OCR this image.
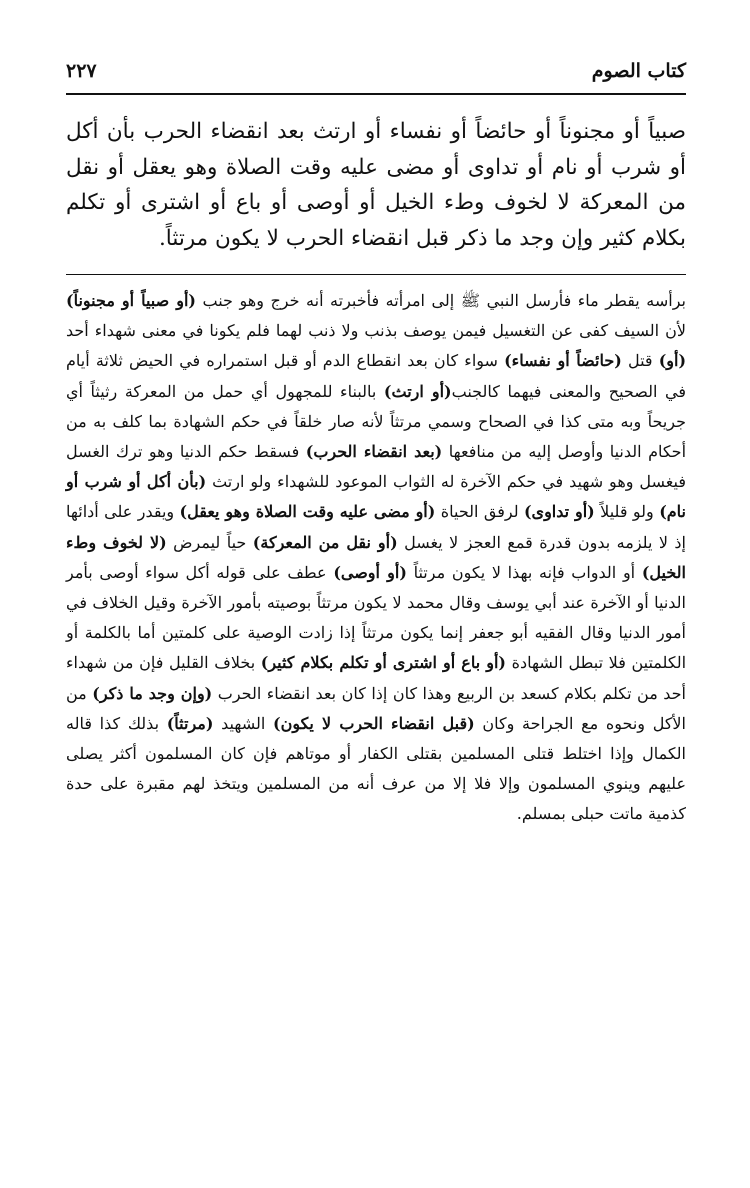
كتاب الصوم
٢٢٧

صبياً أو مجنوناً أو حائضاً أو نفساء أو ارتث بعد انقضاء الحرب بأن أكل أو شرب أو نام أو تداوى أو مضى عليه وقت الصلاة وهو يعقل أو نقل من المعركة لا لخوف وطء الخيل أو أوصى أو باع أو اشترى أو تكلم بكلام كثير وإن وجد ما ذكر قبل انقضاء الحرب لا يكون مرتثاً.

برأسه يقطر ماء فأرسل النبي ﷺ إلى امرأته فأخبرته أنه خرج وهو جنب (أو صبياً أو مجنوناً) لأن السيف كفى عن التغسيل فيمن يوصف بذنب ولا ذنب لهما فلم يكونا في معنى شهداء أحد (أو) قتل (حائضاً أو نفساء) سواء كان بعد انقطاع الدم أو قبل استمراره في الحيض ثلاثة أيام في الصحيح والمعنى فيهما كالجنب(أو ارتث) بالبناء للمجهول أي حمل من المعركة رثيثاً أي جريحاً وبه متى كذا في الصحاح وسمي مرتثاً لأنه صار خلقاً في حكم الشهادة بما كلف به من أحكام الدنيا وأوصل إليه من منافعها (بعد انقضاء الحرب) فسقط حكم الدنيا وهو ترك الغسل فيغسل وهو شهيد في حكم الآخرة له الثواب الموعود للشهداء ولو ارتث (بأن أكل أو شرب أو نام) ولو قليلاً (أو تداوى) لرفق الحياة (أو مضى عليه وقت الصلاة وهو يعقل) ويقدر على أدائها إذ لا يلزمه بدون قدرة قمع العجز لا يغسل (أو نقل من المعركة) حياً ليمرض (لا لخوف وطء الخيل) أو الدواب فإنه بهذا لا يكون مرتثاً (أو أوصى) عطف على قوله أكل سواء أوصى بأمر الدنيا أو الآخرة عند أبي يوسف وقال محمد لا يكون مرتثاً بوصيته بأمور الآخرة وقيل الخلاف في أمور الدنيا وقال الفقيه أبو جعفر إنما يكون مرتثاً إذا زادت الوصية على كلمتين أما بالكلمة أو الكلمتين فلا تبطل الشهادة (أو باع أو اشترى أو تكلم بكلام كثير) بخلاف القليل فإن من شهداء أحد من تكلم بكلام كسعد بن الربيع وهذا كان إذا كان بعد انقضاء الحرب (وإن وجد ما ذكر) من الأكل ونحوه مع الجراحة وكان (قبل انقضاء الحرب لا يكون) الشهيد (مرتثاً) بذلك كذا قاله الكمال وإذا اختلط قتلى المسلمين بقتلى الكفار أو موتاهم فإن كان المسلمون أكثر يصلى عليهم وينوي المسلمون وإلا فلا إلا من عرف أنه من المسلمين ويتخذ لهم مقبرة على حدة كذمية ماتت حبلى بمسلم.
